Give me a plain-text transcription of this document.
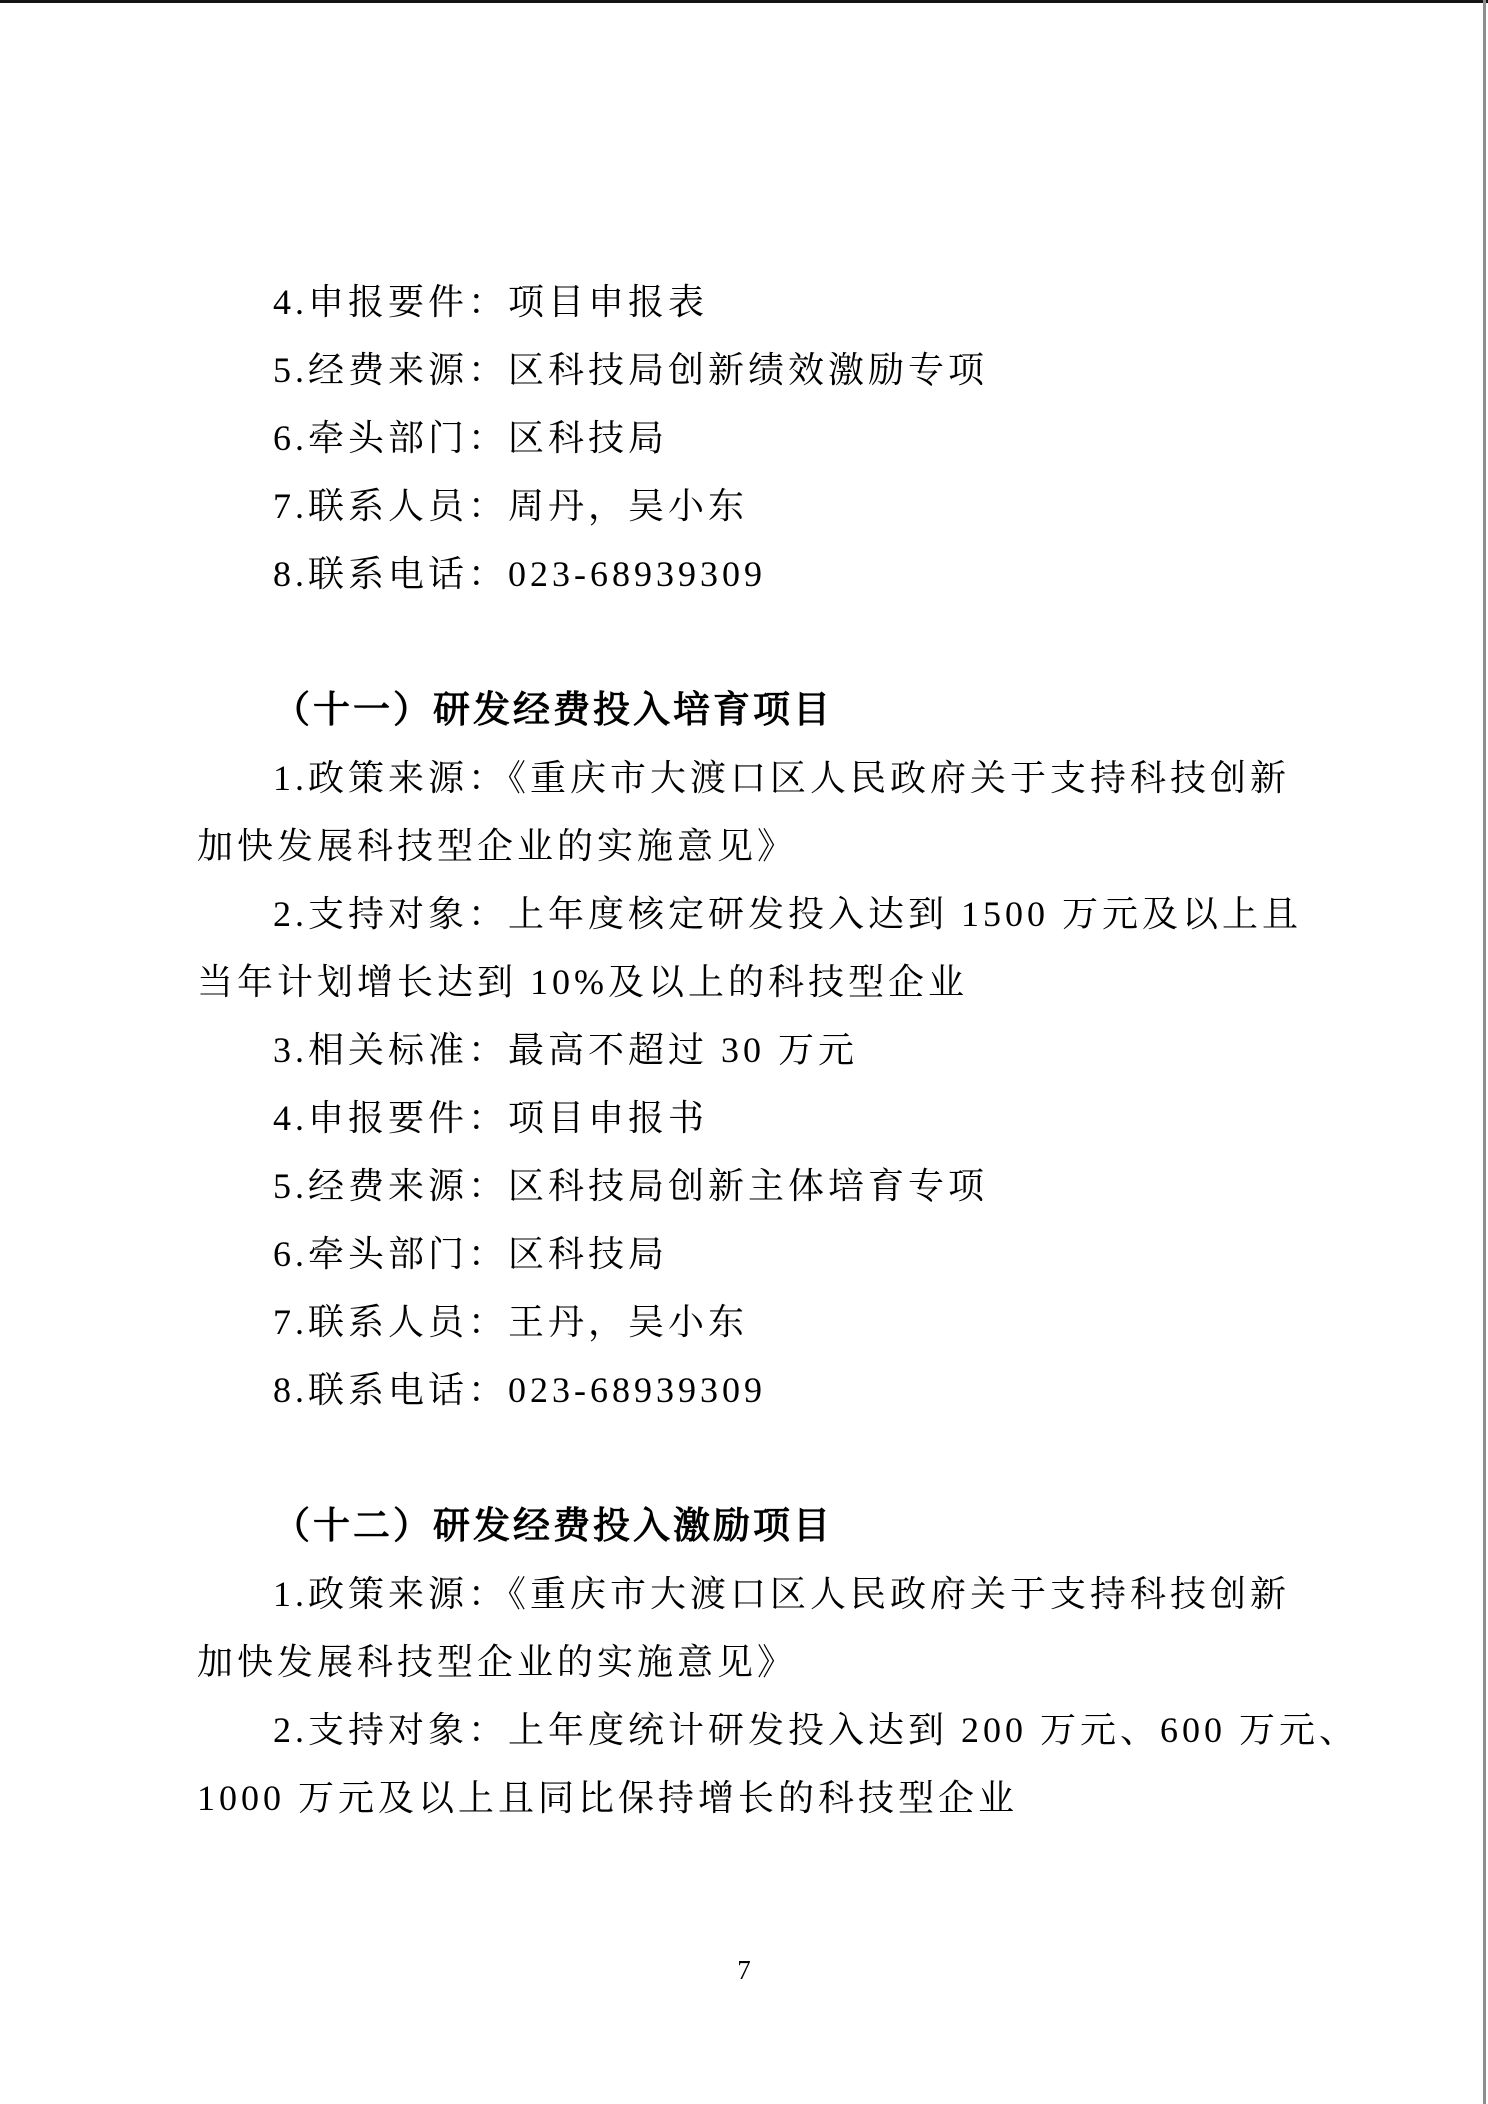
4.申报要件：项目申报表
5.经费来源：区科技局创新绩效激励专项
6.牵头部门：区科技局
7.联系人员：周丹，吴小东
8.联系电话：023-68939309
（十一）研发经费投入培育项目
1.政策来源：《重庆市大渡口区人民政府关于支持科技创新
加快发展科技型企业的实施意见》
2.支持对象：上年度核定研发投入达到 1500 万元及以上且
当年计划增长达到 10%及以上的科技型企业
3.相关标准：最高不超过 30 万元
4.申报要件：项目申报书
5.经费来源：区科技局创新主体培育专项
6.牵头部门：区科技局
7.联系人员：王丹，吴小东
8.联系电话：023-68939309
（十二）研发经费投入激励项目
1.政策来源：《重庆市大渡口区人民政府关于支持科技创新
加快发展科技型企业的实施意见》
2.支持对象：上年度统计研发投入达到 200 万元、600 万元、
1000 万元及以上且同比保持增长的科技型企业
7
